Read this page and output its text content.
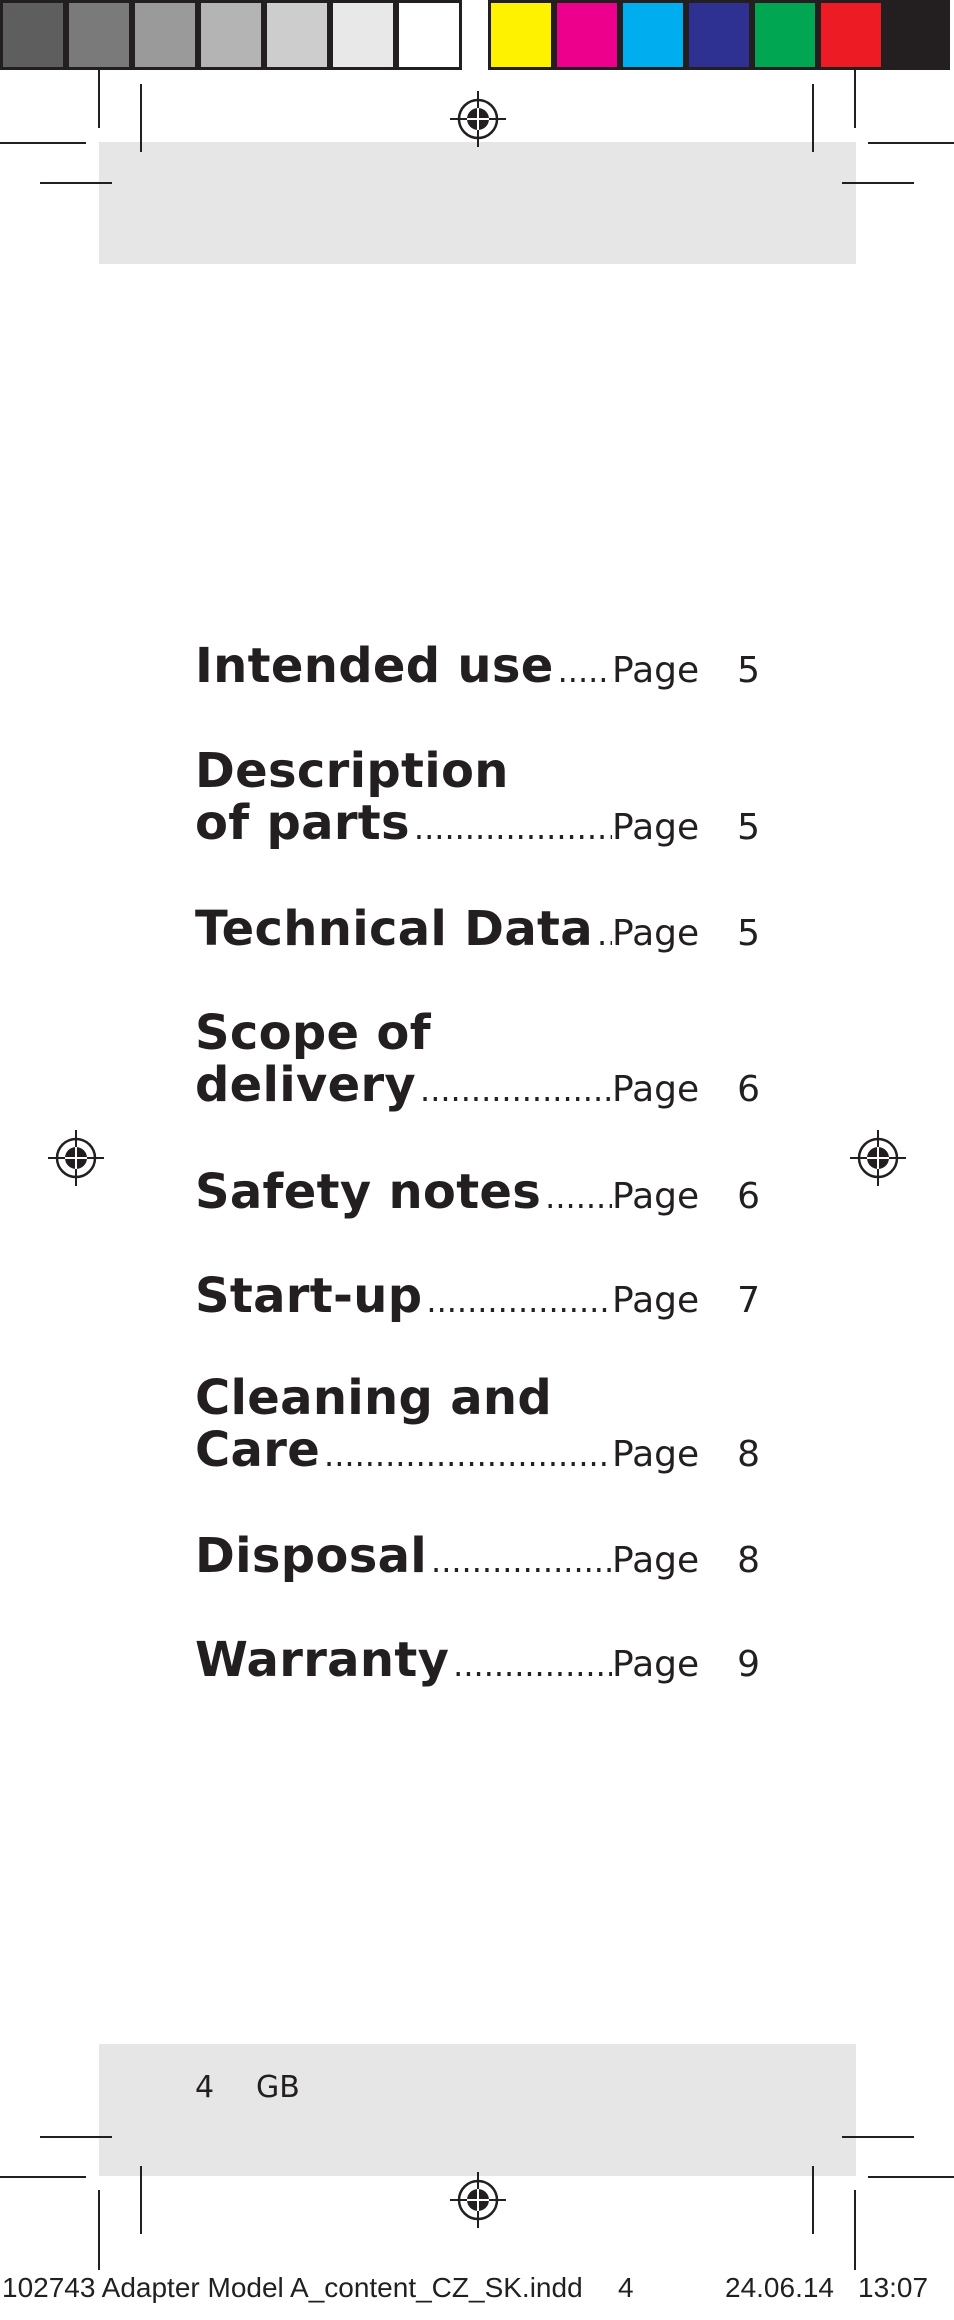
Intended use ..... Page	5
Description
of parts .....	Page	5
Technical Data ..... Page	5
Scope of
delivery .....	Page	6
Safety notes ..... Page	6
Start-up .....	Page	7
Cleaning and
Care .....	Page	8
Disposal .....	Page	8
Warranty .....	Page	9
4 GB
102743 Adapter Model A_content_CZ_SK.indd 4	24.06.14 13:07
